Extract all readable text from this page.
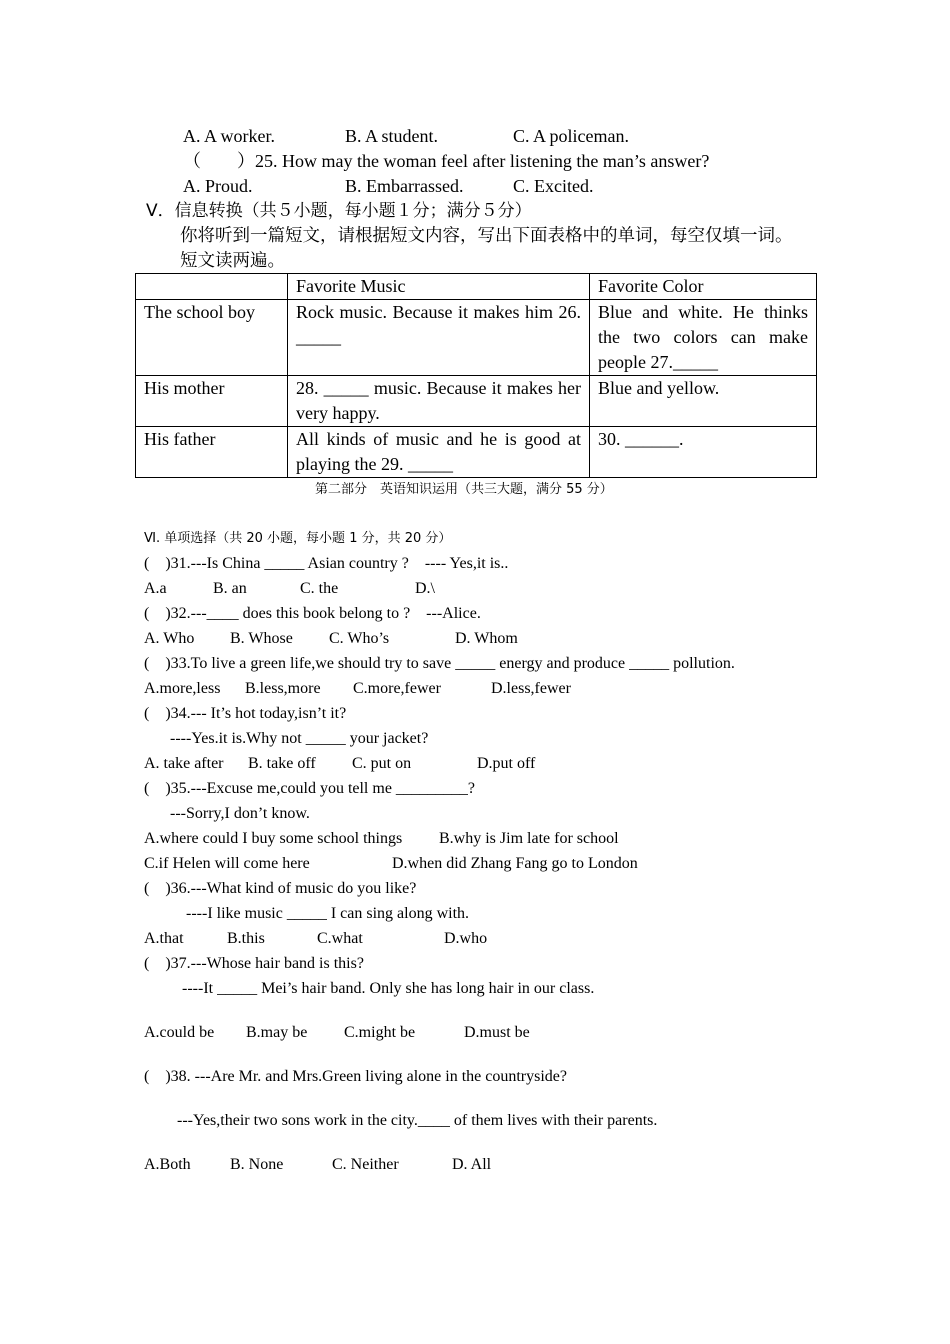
A. A worker.	B. A student.	C. A policeman.
（　　）25. How may the woman feel after listening the man’s answer?
A. Proud.	B. Embarrassed.	C. Excited.
Ⅴ．信息转换（共５小题，每小题１分；满分５分）
你将听到一篇短文，请根据短文内容，写出下面表格中的单词，每空仅填一词。
短文读两遍。
	Favorite Music	Favorite Color
The school boy	Rock music. Because it makes him 26. _____	Blue and white. He thinks the two colors can make people 27._____
His mother	28. _____ music. Because it makes her very happy.	Blue and yellow.
His father	All kinds of music and he is good at playing the 29. _____	30. ______.
第二部分　英语知识运用（共三大题，满分 55 分）
Ⅵ. 单项选择（共 20 小题，每小题 1 分，共 20 分）
(　)31.---Is China _____ Asian country ?　---- Yes,it is..
A.a	B. an	C. the	D.\
(　)32.---____ does this book belong to ?　---Alice.
A. Who B. Whose C. Who’s	D. Whom
(　)33.To live a green life,we should try to save _____ energy and produce _____ pollution.
A.more,less B.less,more C.more,fewer	D.less,fewer
(　)34.--- It’s hot today,isn’t it?
----Yes.it is.Why not _____ your jacket?
A. take after B. take off C. put on	D.put off
(　)35.---Excuse me,could you tell me _________?
---Sorry,I don’t know.
A.where could I buy some school things B.why is Jim late for school
C.if Helen will come here	D.when did Zhang Fang go to London
(　)36.---What kind of music do you like?
----I like music _____ I can sing along with.
A.that	B.this	C.what	D.who
(　)37.---Whose hair band is this?
----It _____ Mei’s hair band. Only she has long hair in our class.
A.could be B.may be C.might be	D.must be
(　)38. ---Are Mr. and Mrs.Green living alone in the countryside?
---Yes,their two sons work in the city.____ of them lives with their parents.
A.Both B. None	C. Neither	D. All
